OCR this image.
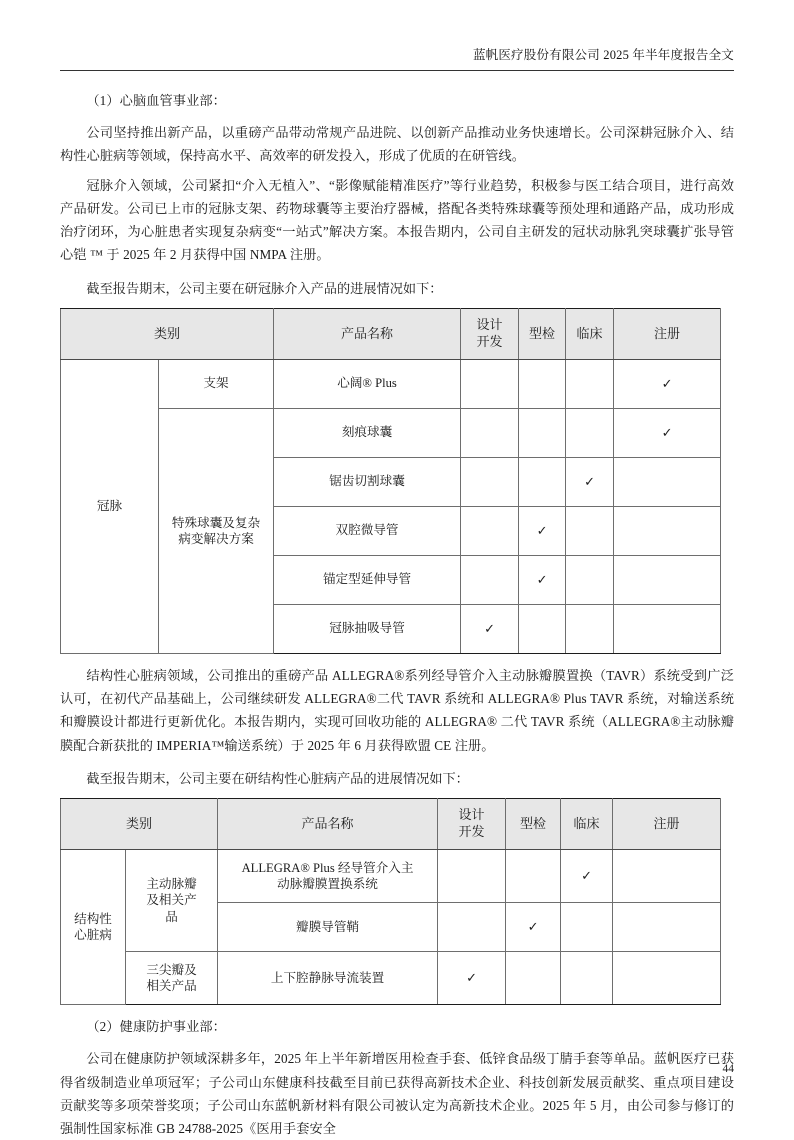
蓝帆医疗股份有限公司 2025 年半年度报告全文

（1）心脑血管事业部：

公司坚持推出新产品，以重磅产品带动常规产品进院、以创新产品推动业务快速增长。公司深耕冠脉介入、结构性心脏病等领域，保持高水平、高效率的研发投入，形成了优质的在研管线。

冠脉介入领域，公司紧扣“介入无植入”、“影像赋能精准医疗”等行业趋势，积极参与医工结合项目，进行高效产品研发。公司已上市的冠脉支架、药物球囊等主要治疗器械，搭配各类特殊球囊等预处理和通路产品，成功形成治疗闭环，为心脏患者实现复杂病变“一站式”解决方案。本报告期内，公司自主研发的冠状动脉乳突球囊扩张导管心铠 ™ 于 2025 年 2 月获得中国 NMPA 注册。

截至报告期末，公司主要在研冠脉介入产品的进展情况如下：

类别		产品名称	设计
开发	型检	临床	注册
冠脉	支架	心阔® Plus				✓

	特殊球囊及复杂
病变解决方案	刻痕球囊				✓
		锯齿切割球囊			✓	
		双腔微导管		✓		
		锚定型延伸导管		✓		
		冠脉抽吸导管	✓			

结构性心脏病领域，公司推出的重磅产品 ALLEGRA®系列经导管介入主动脉瓣膜置换（TAVR）系统受到广泛认可，在初代产品基础上，公司继续研发 ALLEGRA®二代 TAVR 系统和 ALLEGRA® Plus TAVR 系统，对输送系统和瓣膜设计都进行更新优化。本报告期内，实现可回收功能的 ALLEGRA® 二代 TAVR 系统（ALLEGRA®主动脉瓣膜配合新获批的 IMPERIA™输送系统）于 2025 年 6 月获得欧盟 CE 注册。

截至报告期末，公司主要在研结构性心脏病产品的进展情况如下：

类别		产品名称	设计
开发	型检	临床	注册

结构性
心脏病	主动脉瓣
及相关产
品	ALLEGRA® Plus 经导管介入主
动脉瓣膜置换系统			✓	
		瓣膜导管鞘		✓		

	三尖瓣及
相关产品	上下腔静脉导流装置	✓			

（2）健康防护事业部：

公司在健康防护领域深耕多年，2025 年上半年新增医用检查手套、低锌食品级丁腈手套等单品。蓝帆医疗已获得省级制造业单项冠军；子公司山东健康科技截至目前已获得高新技术企业、科技创新发展贡献奖、重点项目建设贡献奖等多项荣誉奖项；子公司山东蓝帆新材料有限公司被认定为高新技术企业。2025 年 5 月，由公司参与修订的强制性国家标准 GB 24788-2025《医用手套安全

44
